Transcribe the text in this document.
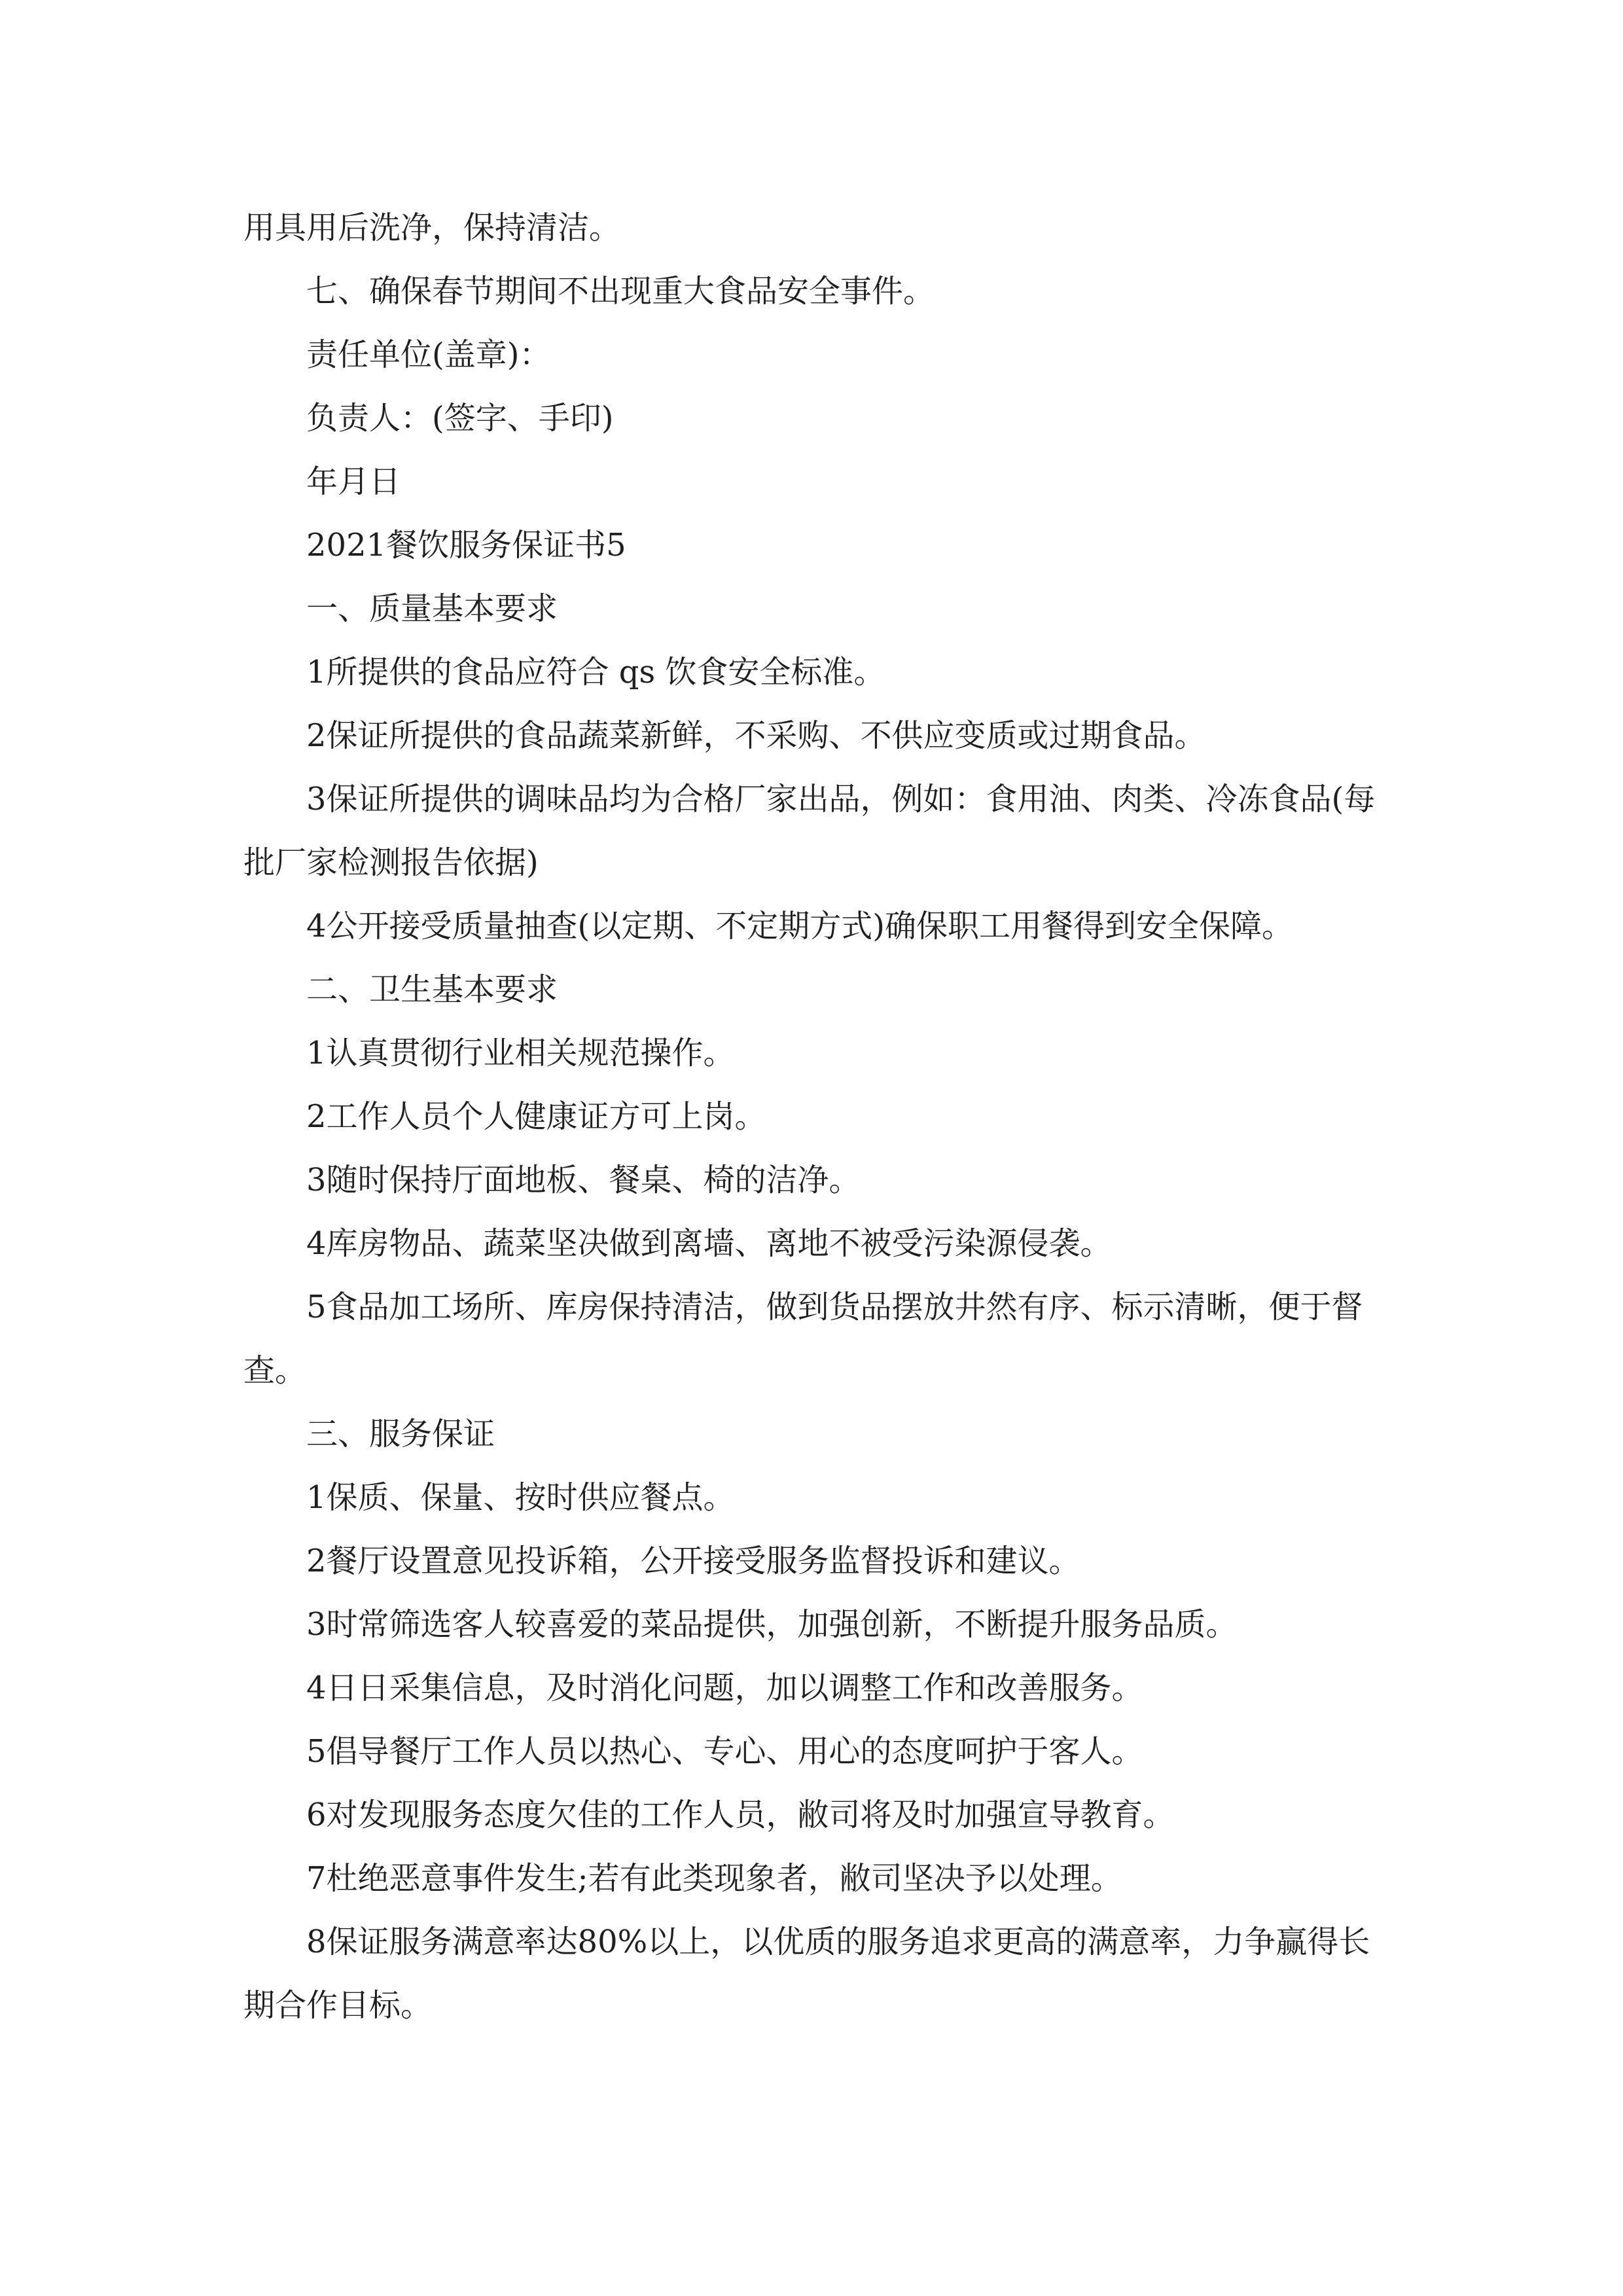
用具用后洗净，保持清洁。

七、确保春节期间不出现重大食品安全事件。

责任单位(盖章)：

负责人：(签字、手印)

年月日

2021餐饮服务保证书5

一、质量基本要求

1所提供的食品应符合 qs 饮食安全标准。

2保证所提供的食品蔬菜新鲜，不采购、不供应变质或过期食品。

3保证所提供的调味品均为合格厂家出品，例如：食用油、肉类、冷冻食品(每批厂家检测报告依据)

4公开接受质量抽查(以定期、不定期方式)确保职工用餐得到安全保障。

二、卫生基本要求

1认真贯彻行业相关规范操作。

2工作人员个人健康证方可上岗。

3随时保持厅面地板、餐桌、椅的洁净。

4库房物品、蔬菜坚决做到离墙、离地不被受污染源侵袭。

5食品加工场所、库房保持清洁，做到货品摆放井然有序、标示清晰，便于督查。

三、服务保证

1保质、保量、按时供应餐点。

2餐厅设置意见投诉箱，公开接受服务监督投诉和建议。

3时常筛选客人较喜爱的菜品提供，加强创新，不断提升服务品质。

4日日采集信息，及时消化问题，加以调整工作和改善服务。

5倡导餐厅工作人员以热心、专心、用心的态度呵护于客人。

6对发现服务态度欠佳的工作人员，敝司将及时加强宣导教育。

7杜绝恶意事件发生;若有此类现象者，敝司坚决予以处理。

8保证服务满意率达80%以上，以优质的服务追求更高的满意率，力争赢得长期合作目标。
